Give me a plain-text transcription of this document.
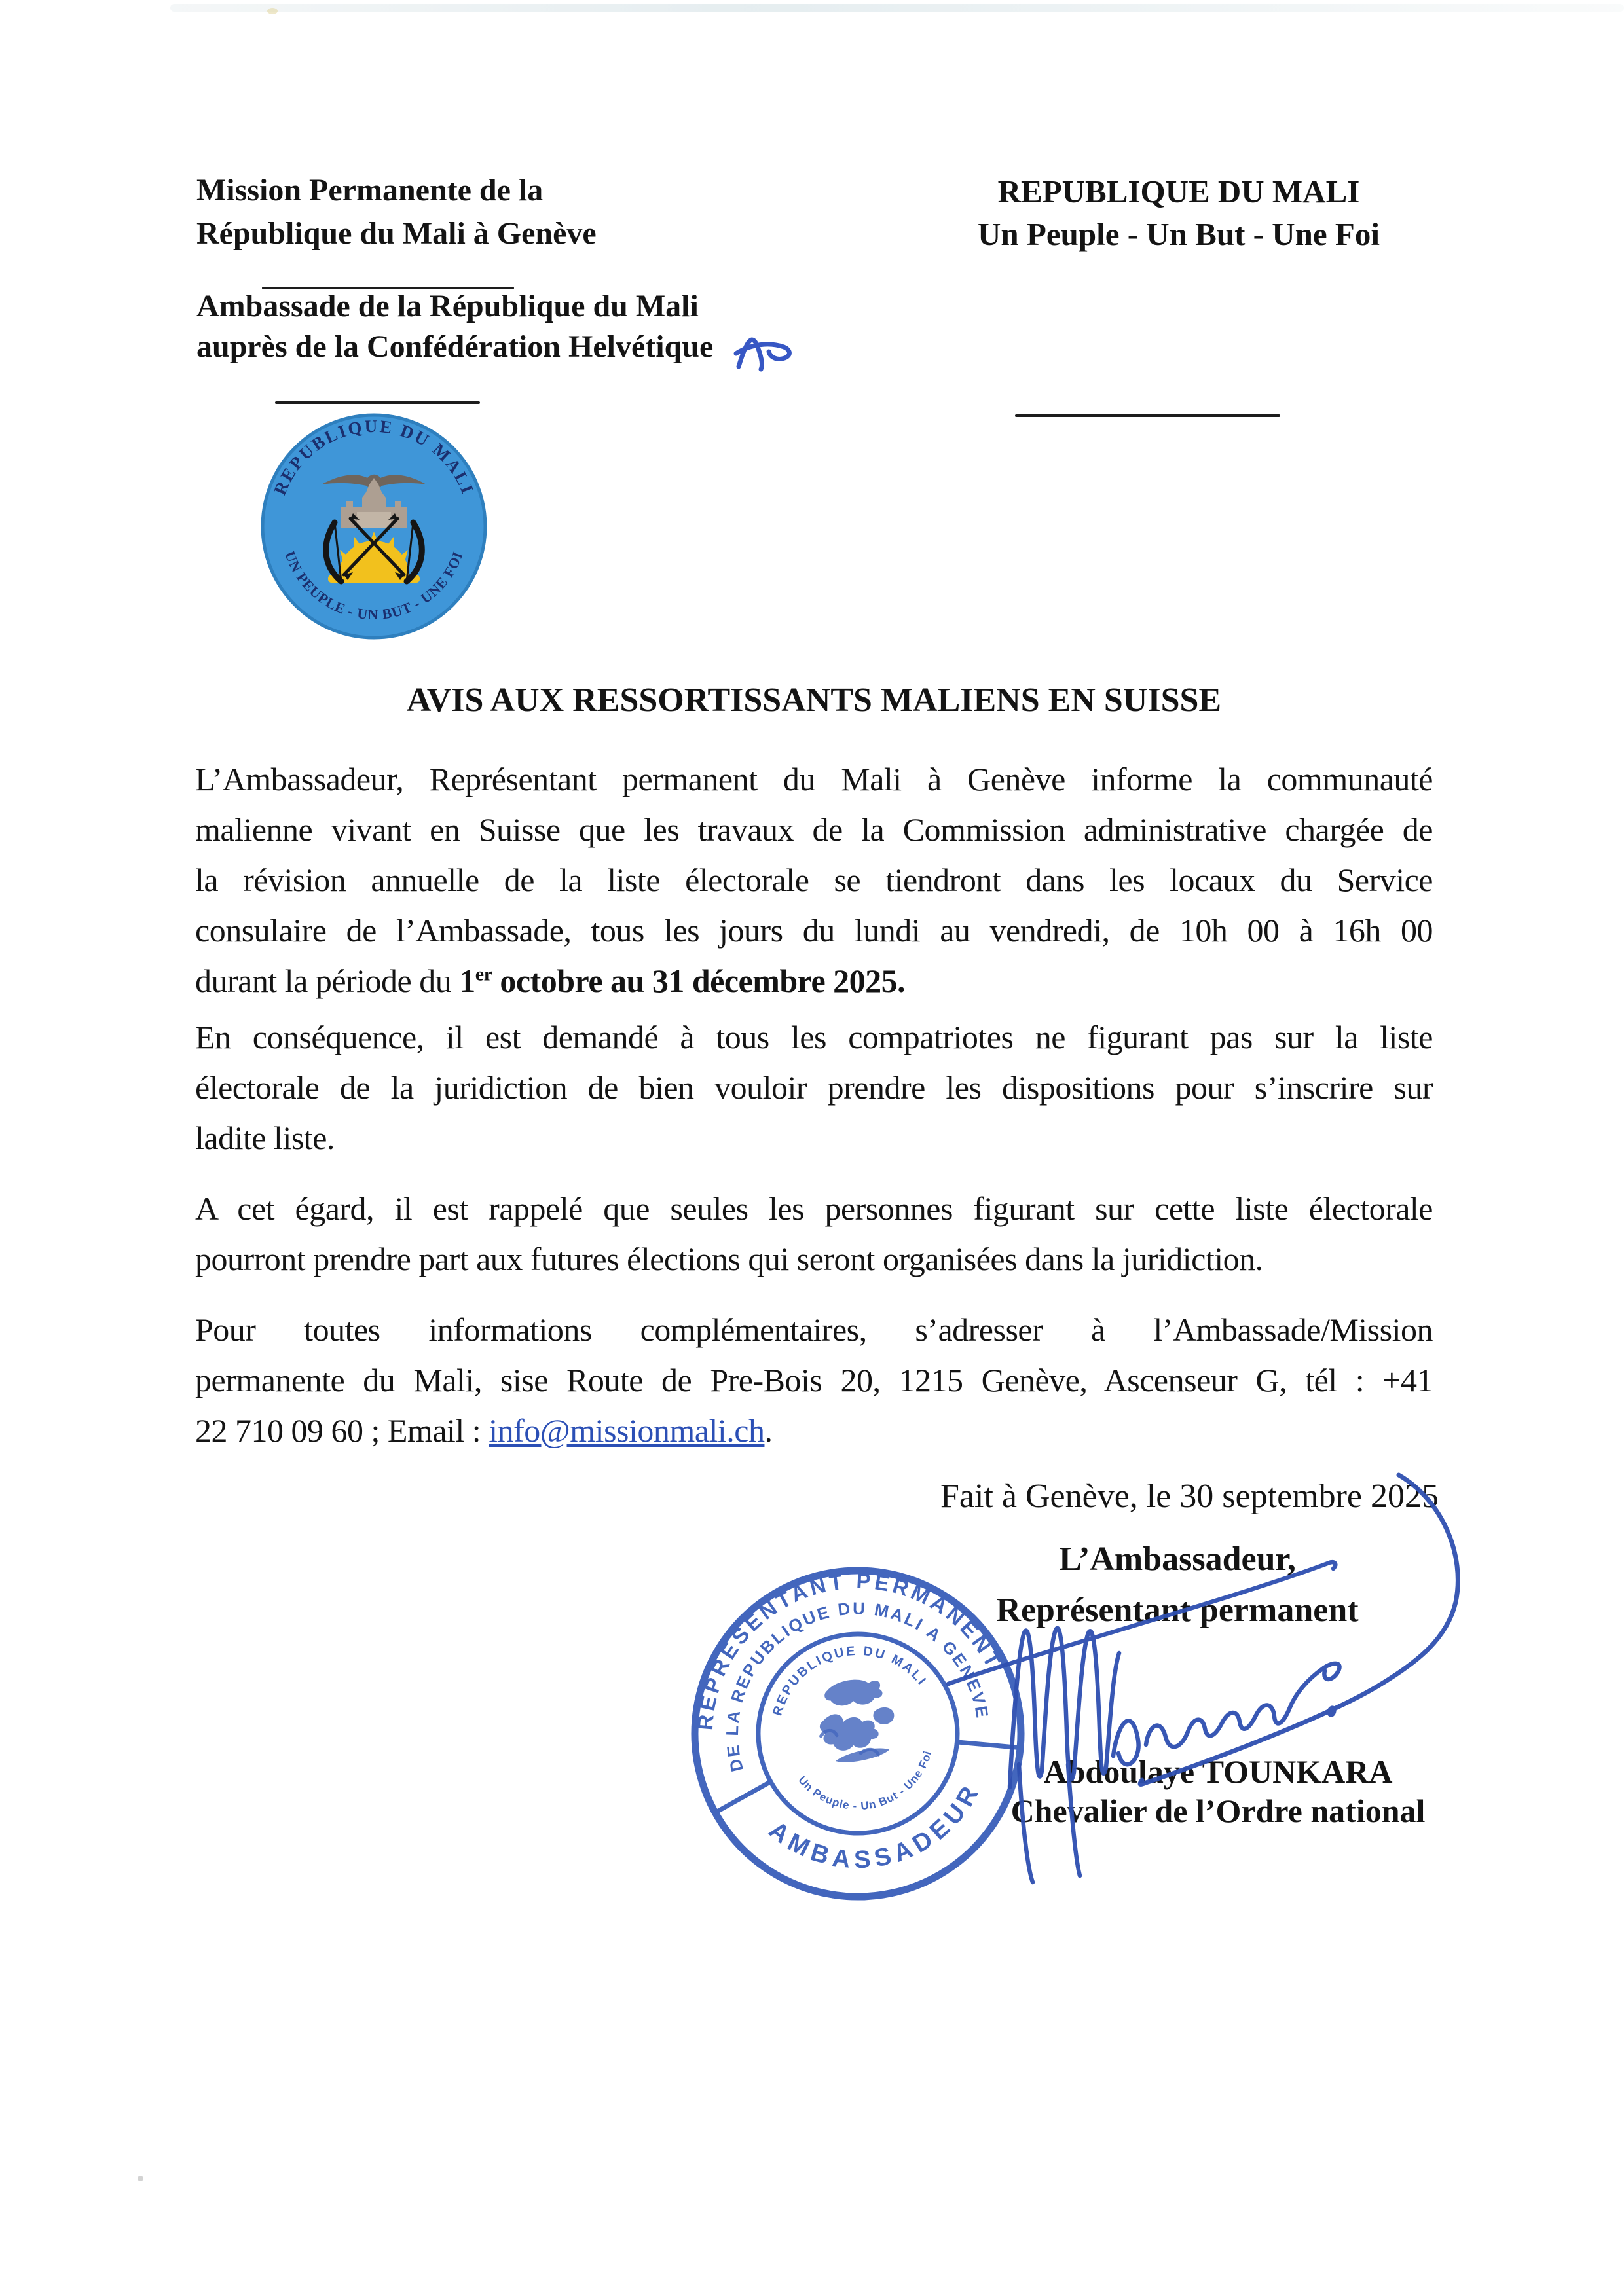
Mission Permanente de la
République du Mali à Genève
Ambassade de la République du Mali
auprès de la Confédération Helvétique
REPUBLIQUE DU MALI
Un Peuple - Un But - Une Foi
REPUBLIQUE DU MALI
UN PEUPLE - UN BUT - UNE FOI
AVIS AUX RESSORTISSANTS MALIENS EN SUISSE
L’Ambassadeur, Représentant permanent du Mali à Genève informe la communauté
malienne vivant en Suisse que les travaux de la Commission administrative chargée de
la révision annuelle de la liste électorale se tiendront dans les locaux du Service
consulaire de l’Ambassade, tous les jours du lundi au vendredi, de 10h 00 à 16h 00
durant la période du 1er octobre au 31 décembre 2025.
En conséquence, il est demandé à tous les compatriotes ne figurant pas sur la liste
électorale de la juridiction de bien vouloir prendre les dispositions pour s’inscrire sur
ladite liste.
A cet égard, il est rappelé que seules les personnes figurant sur cette liste électorale
pourront prendre part aux futures élections qui seront organisées dans la juridiction.
Pour toutes informations complémentaires, s’adresser à l’Ambassade/Mission
permanente du Mali, sise Route de Pre-Bois 20, 1215 Genève, Ascenseur G, tél : +41
22 710 09 60 ; Email : info@missionmali.ch.
Fait à Genève, le 30 septembre 2025
L’Ambassadeur,
Représentant permanent
Abdoulaye TOUNKARA
Chevalier de l’Ordre national
REPRESENTANT PERMANENT
DE LA REPUBLIQUE DU MALI A GENEVE
AMBASSADEUR
REPUBLIQUE DU MALI
Un Peuple - Un But - Une Foi
